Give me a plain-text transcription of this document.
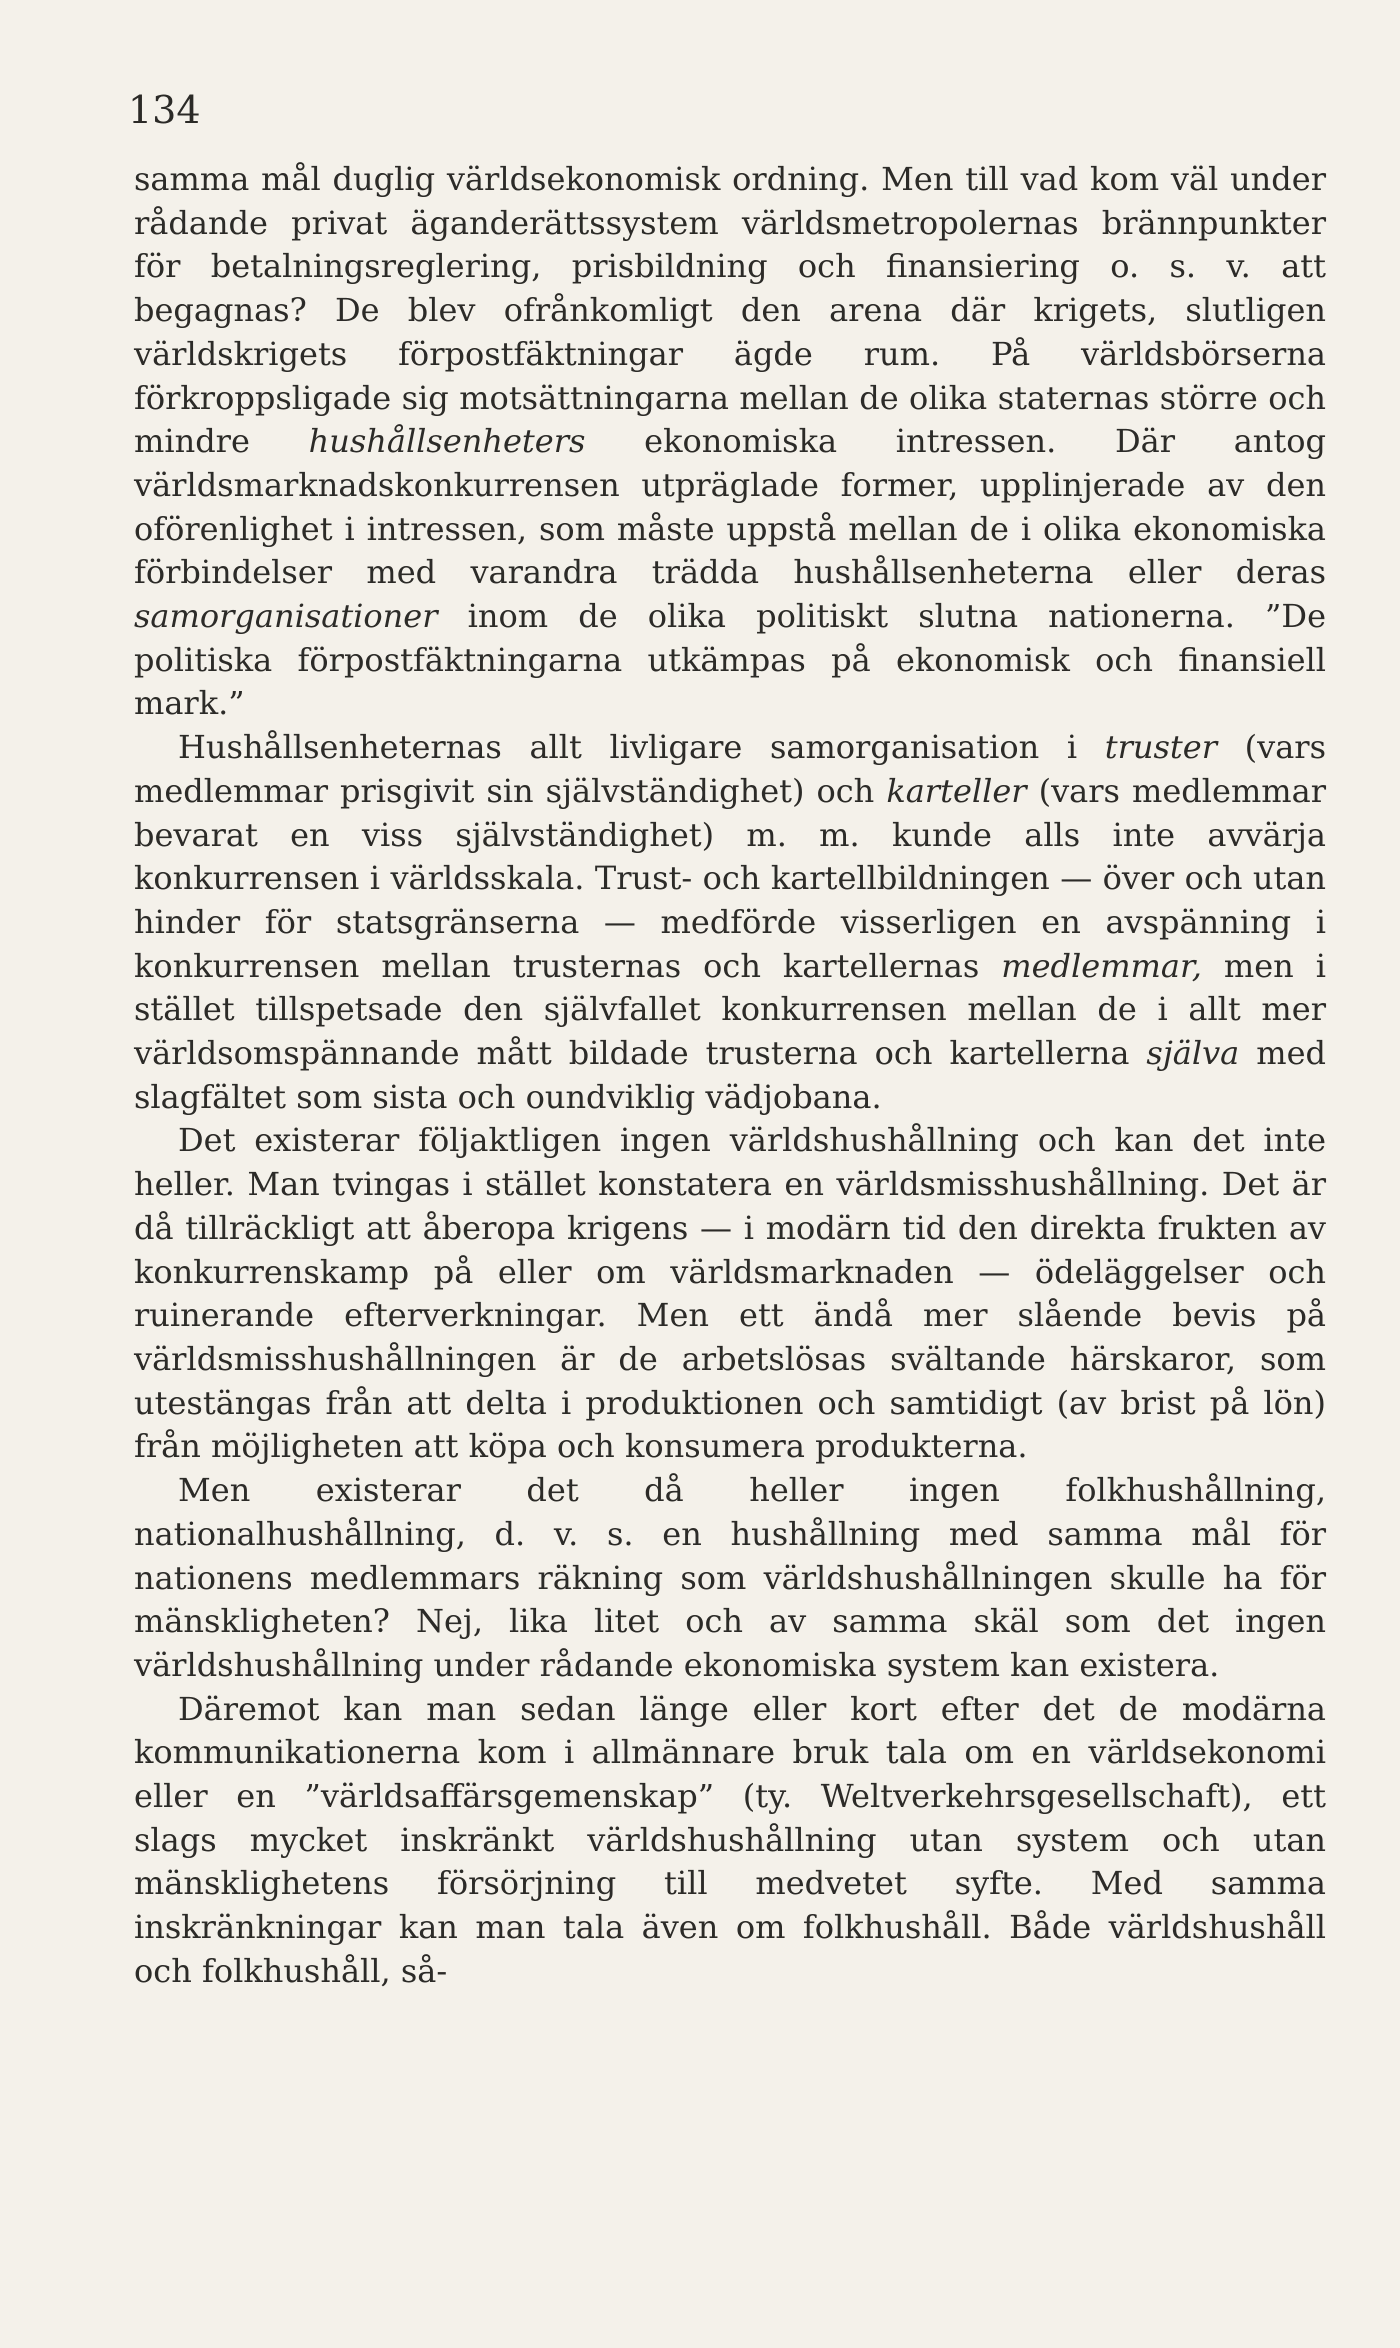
134

samma mål duglig världsekonomisk ordning. Men till vad kom väl under rådande privat äganderättssystem världsmetropolernas brännpunkter för betalningsreglering, prisbildning och finansiering o. s. v. att begagnas? De blev ofrånkomligt den arena där krigets, slutligen världskrigets förpostfäktningar ägde rum. På världsbörserna förkroppsligade sig motsättningarna mellan de olika staternas större och mindre hushållsenheters ekonomiska intressen. Där antog världsmarknadskonkurrensen utpräglade former, upplinjerade av den oförenlighet i intressen, som måste uppstå mellan de i olika ekonomiska förbindelser med varandra trädda hushållsenheterna eller deras samorganisationer inom de olika politiskt slutna nationerna. ”De politiska förpostfäktningarna utkämpas på ekonomisk och finansiell mark.”

Hushållsenheternas allt livligare samorganisation i truster (vars medlemmar prisgivit sin självständighet) och karteller (vars medlemmar bevarat en viss självständighet) m. m. kunde alls inte avvärja konkurrensen i världsskala. Trust- och kartellbildningen — över och utan hinder för statsgränserna — medförde visserligen en avspänning i konkurrensen mellan trusternas och kartellernas medlemmar, men i stället tillspetsade den självfallet konkurrensen mellan de i allt mer världsomspännande mått bildade trusterna och kartellerna själva med slagfältet som sista och oundviklig vädjobana.

Det existerar följaktligen ingen världshushållning och kan det inte heller. Man tvingas i stället konstatera en världsmisshushållning. Det är då tillräckligt att åberopa krigens — i modärn tid den direkta frukten av konkurrenskamp på eller om världsmarknaden — ödeläggelser och ruinerande efterverkningar. Men ett ändå mer slående bevis på världsmisshushållningen är de arbetslösas svältande härskaror, som utestängas från att delta i produktionen och samtidigt (av brist på lön) från möjligheten att köpa och konsumera produkterna.

Men existerar det då heller ingen folkhushållning, nationalhushållning, d. v. s. en hushållning med samma mål för nationens medlemmars räkning som världshushållningen skulle ha för mänskligheten? Nej, lika litet och av samma skäl som det ingen världshushållning under rådande ekonomiska system kan existera.

Däremot kan man sedan länge eller kort efter det de modärna kommunikationerna kom i allmännare bruk tala om en världsekonomi eller en ”världsaffärsgemenskap” (ty. Weltverkehrsgesellschaft), ett slags mycket inskränkt världshushållning utan system och utan mänsklighetens försörjning till medvetet syfte. Med samma inskränkningar kan man tala även om folkhushåll. Både världshushåll och folkhushåll, så-
